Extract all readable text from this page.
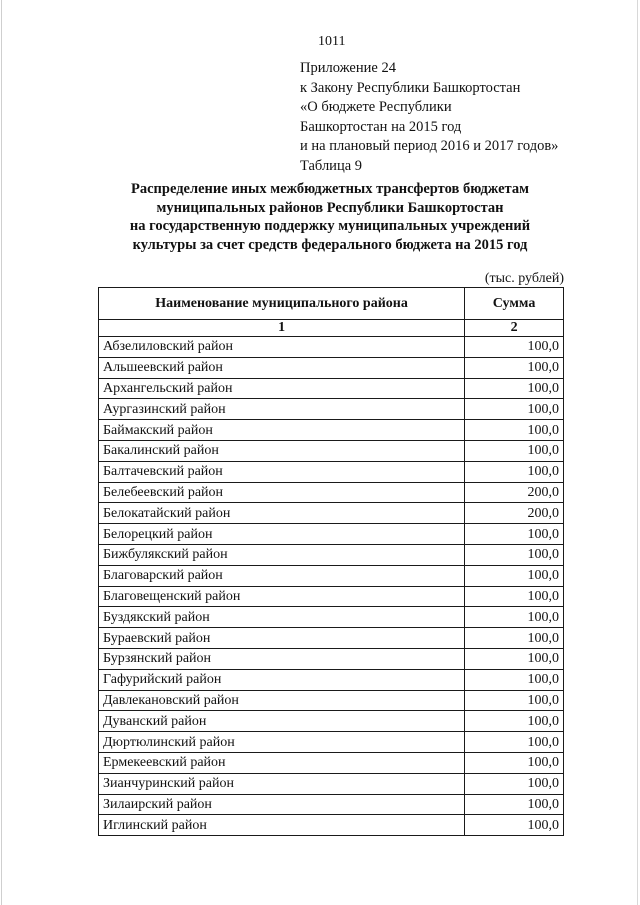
1011
Приложение 24
к Закону Республики Башкортостан
«О бюджете Республики
Башкортостан на 2015 год
и на плановый период 2016 и 2017 годов»
Таблица 9
Распределение иных межбюджетных трансфертов бюджетам
муниципальных районов Республики Башкортостан
на государственную поддержку муниципальных учреждений
культуры за счет средств федерального бюджета на 2015 год
(тыс. рублей)
Наименование муниципального района	Сумма
1	2
Абзелиловский район	100,0
Альшеевский район	100,0
Архангельский район	100,0
Аургазинский район	100,0
Баймакский район	100,0
Бакалинский район	100,0
Балтачевский район	100,0
Белебеевский район	200,0
Белокатайский район	200,0
Белорецкий район	100,0
Бижбулякский район	100,0
Благоварский район	100,0
Благовещенский район	100,0
Буздякский район	100,0
Бураевский район	100,0
Бурзянский район	100,0
Гафурийский район	100,0
Давлекановский район	100,0
Дуванский район	100,0
Дюртюлинский район	100,0
Ермекеевский район	100,0
Зианчуринский район	100,0
Зилаирский район	100,0
Иглинский район	100,0
